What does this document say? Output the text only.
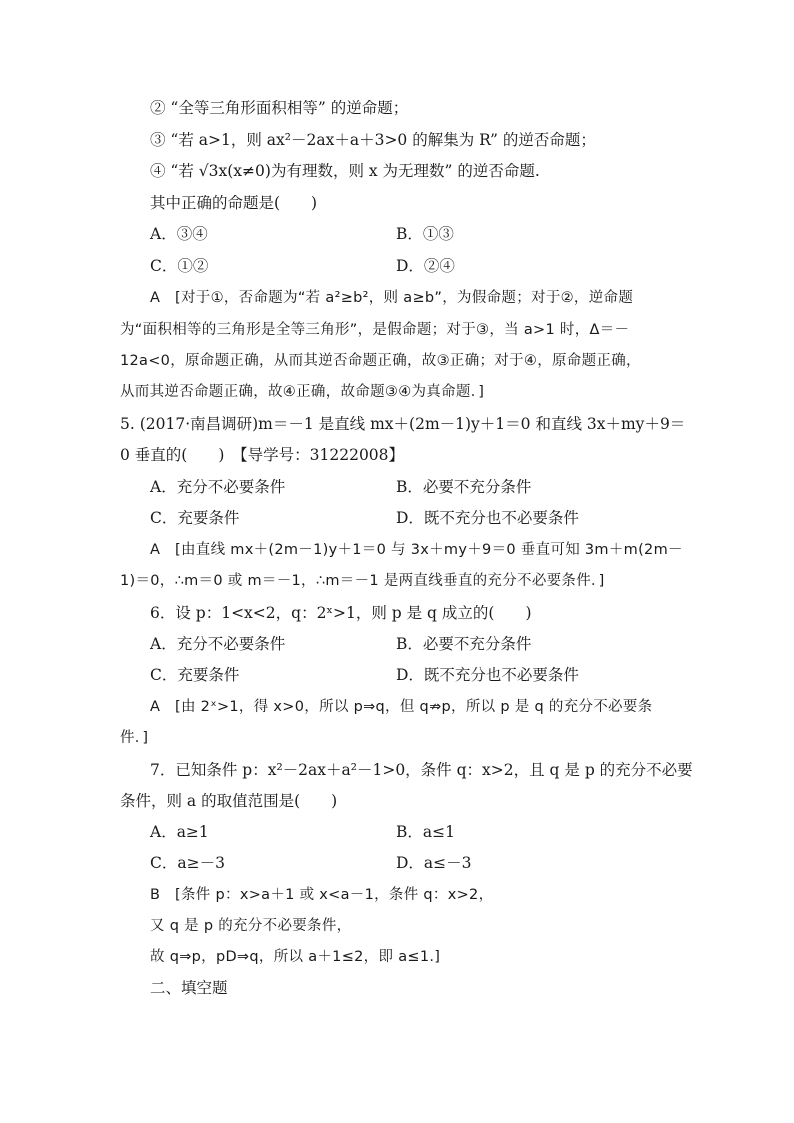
② “全等三角形面积相等” 的逆命题；
③ “若 a>1，则 ax²－2ax＋a＋3>0 的解集为 R” 的逆否命题；
④ “若 √3x(x≠0)为有理数，则 x 为无理数” 的逆否命题.
其中正确的命题是(　　)
A．③④	B．①③
C．①②	D．②④
A　[对于①，否命题为“若 a²≥b²，则 a≥b”，为假命题；对于②，逆命题
为“面积相等的三角形是全等三角形”，是假命题；对于③，当 a>1 时，Δ＝－
12a<0，原命题正确，从而其逆否命题正确，故③正确；对于④，原命题正确，
从而其逆否命题正确，故④正确，故命题③④为真命题．]
5. (2017·南昌调研)m＝－1 是直线 mx＋(2m－1)y＋1＝0 和直线 3x＋my＋9＝
0 垂直的(　　)　【导学号：31222008】
A．充分不必要条件	B．必要不充分条件
C．充要条件	D．既不充分也不必要条件
A　[由直线 mx＋(2m－1)y＋1＝0 与 3x＋my＋9＝0 垂直可知 3m＋m(2m－
1)＝0，∴m＝0 或 m＝－1，∴m＝－1 是两直线垂直的充分不必要条件．]
6．设 p：1<x<2，q：2ˣ>1，则 p 是 q 成立的(　　)
A．充分不必要条件	B．必要不充分条件
C．充要条件	D．既不充分也不必要条件
A　[由 2ˣ>1，得 x>0，所以 p⇒q，但 q⇏p，所以 p 是 q 的充分不必要条
件．]
7．已知条件 p：x²－2ax＋a²－1>0，条件 q：x>2，且 q 是 p 的充分不必要
条件，则 a 的取值范围是(　　)
A．a≥1	B．a≤1
C．a≥－3	D．a≤－3
B　[条件 p：x>a＋1 或 x<a－1，条件 q：x>2，
又 q 是 p 的充分不必要条件，
故 q⇒p，pD⇒q，所以 a＋1≤2，即 a≤1.]
二、填空题
